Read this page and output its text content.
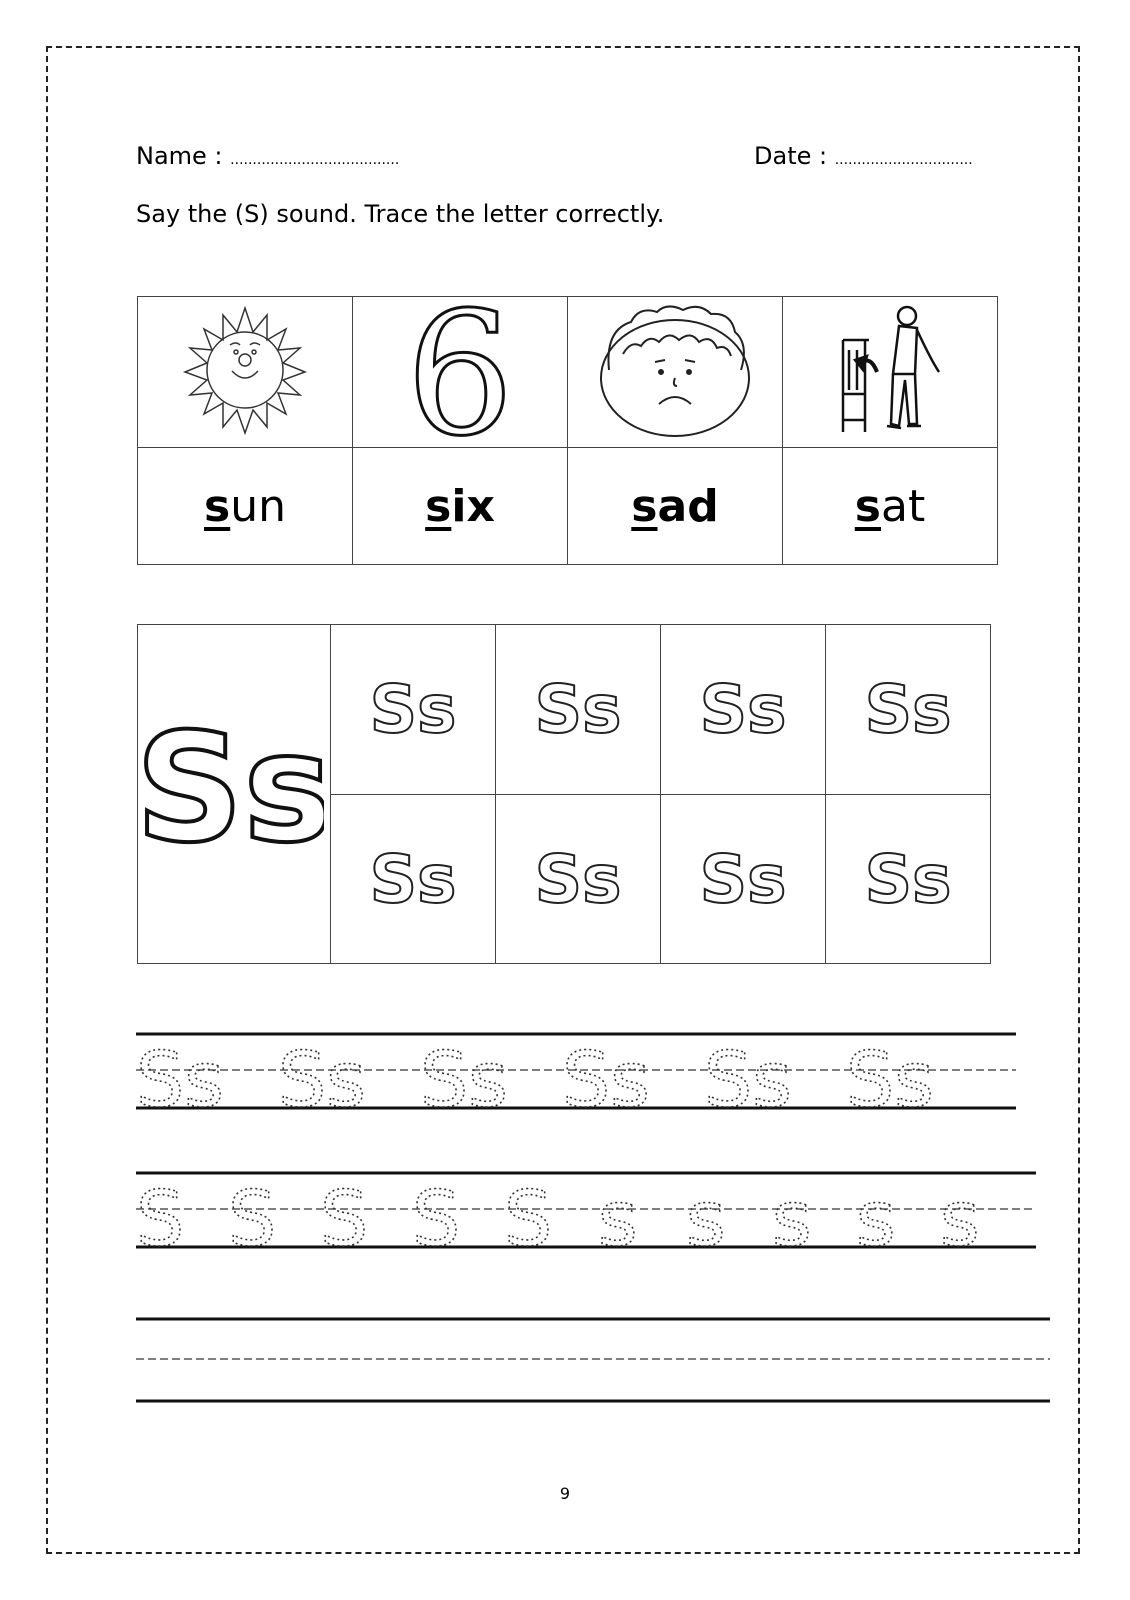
Name : ......................................	Date : ...............................
Say the (S) sound. Trace the letter correctly.

6

sun	six	sad	sat
Ss	Ss	Ss	Ss	Ss

Ss	Ss	Ss	Ss
Ss Ss Ss Ss Ss Ss
S S S S S s s s s s
9
